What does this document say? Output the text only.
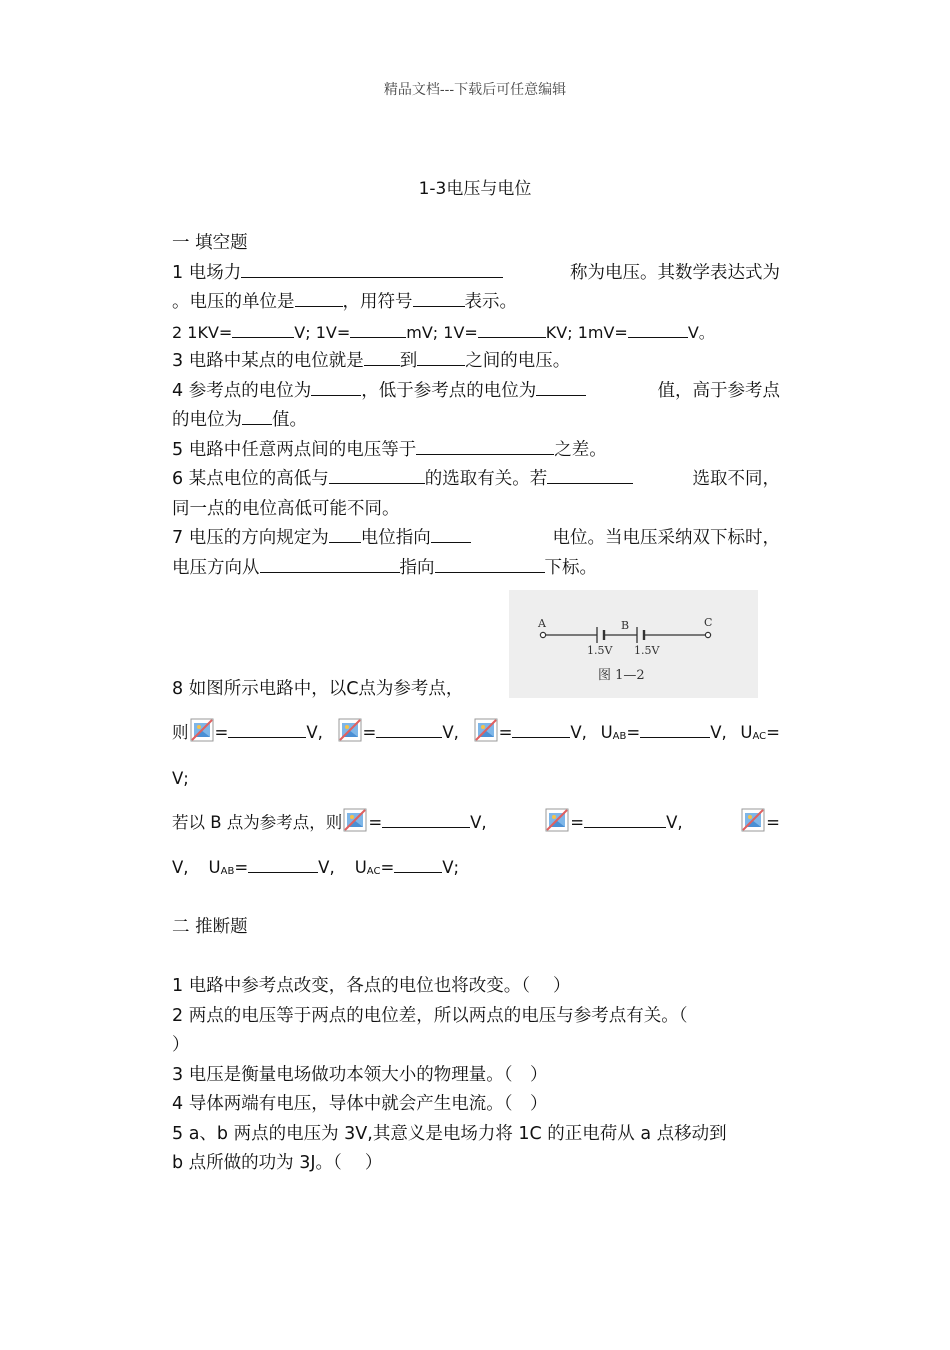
精品文档---下载后可任意编辑
1-3电压与电位
一 填空题
1 电场力	称为电压。其数学表达式为
。电压的单位是	，用符号	表示。
2 1KV=	V; 1V=	mV; 1V=	KV; 1mV=	V。
3 电路中某点的电位就是 到	之间的电压。
4 参考点的电位为	，低于参考点的电位为	值，高于参考点
的电位为 值。
5 电路中任意两点间的电压等于	之差。
6 某点电位的高低与	的选取有关。若	选取不同，
同一点的电位高低可能不同。
7 电压的方向规定为 电位指向	电位。当电压采纳双下标时，
电压方向从	指向	下标。
A	B	C
1.5V 1.5V
图 1—2
8 如图所示电路中，以C点为参考点，
则 =	V,	=	V,	=	V, UAB=	V, UAC=
V;
若以 B 点为参考点，则 =	V,	=	V,	=
V, UAB=	V, UAC=	V;
二 推断题
1 电路中参考点改变，各点的电位也将改变。（　 ）
2 两点的电压等于两点的电位差，所以两点的电压与参考点有关。（
）
3 电压是衡量电场做功本领大小的物理量。（　）
4 导体两端有电压，导体中就会产生电流。（　）
5 a、b 两点的电压为 3V,其意义是电场力将 1C 的正电荷从 a 点移动到
b 点所做的功为 3J。（　 ）
